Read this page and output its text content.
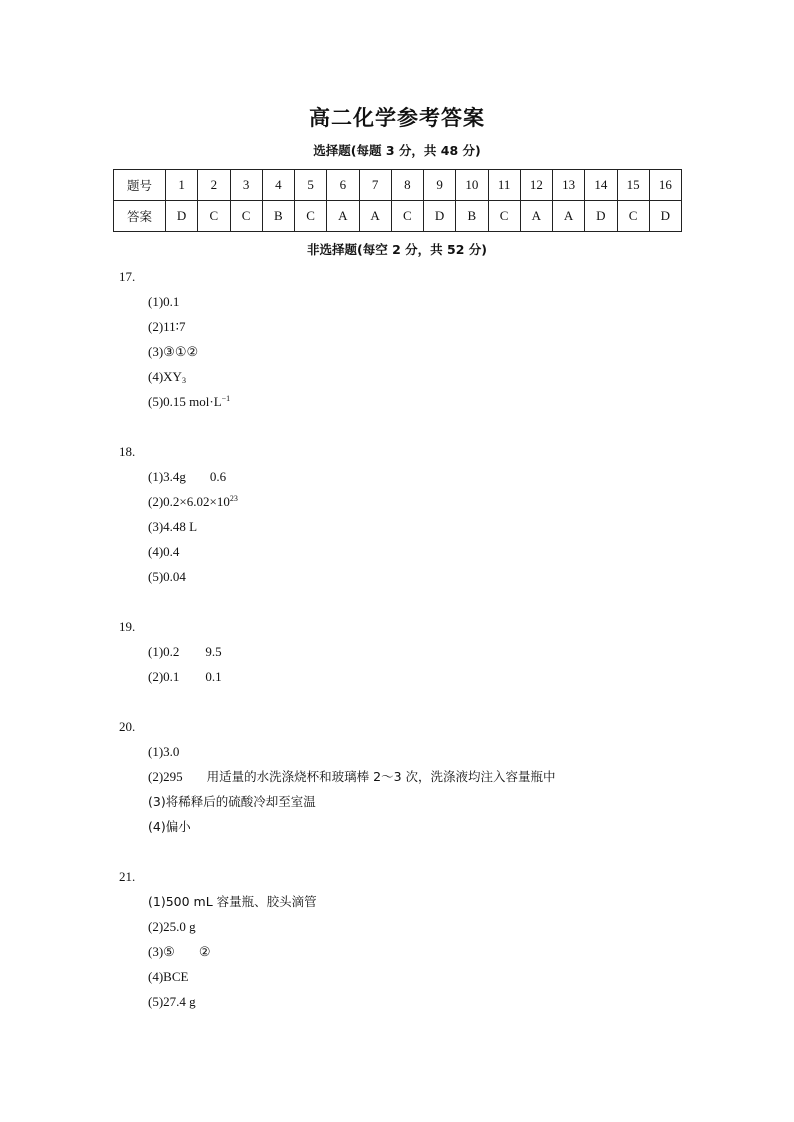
高二化学参考答案
选择题(每题 3 分，共 48 分)
题号	1	2	3	4	5	6	7	8	9	10	11	12	13	14	15	16
答案	D	C	C	B	C	A	A	C	D	B	C	A	A	D	C	D
非选择题(每空 2 分，共 52 分)
17.
(1)0.1
(2)11∶7
(3)③①②
$(4)XY_3$
(5)0.15 $mol\cdot L^{-1}$
18.
(1)3.4g 0.6
$(2)0.2\times 6.02\times 10^{23}$
(3)4.48 L
(4)0.4
(5)0.04
19.
(1)0.2 9.5
(2)0.1 0.1
20.
(1)3.0
(2)295 用适量的水洗涤烧杯和玻璃棒 2～3 次，洗涤液均注入容量瓶中
(3)将稀释后的硫酸冷却至室温
(4)偏小
21.
(1)500 mL 容量瓶、胶头滴管
(2)25.0 g
(3)⑤ ②
(4)BCE
(5)27.4 g
